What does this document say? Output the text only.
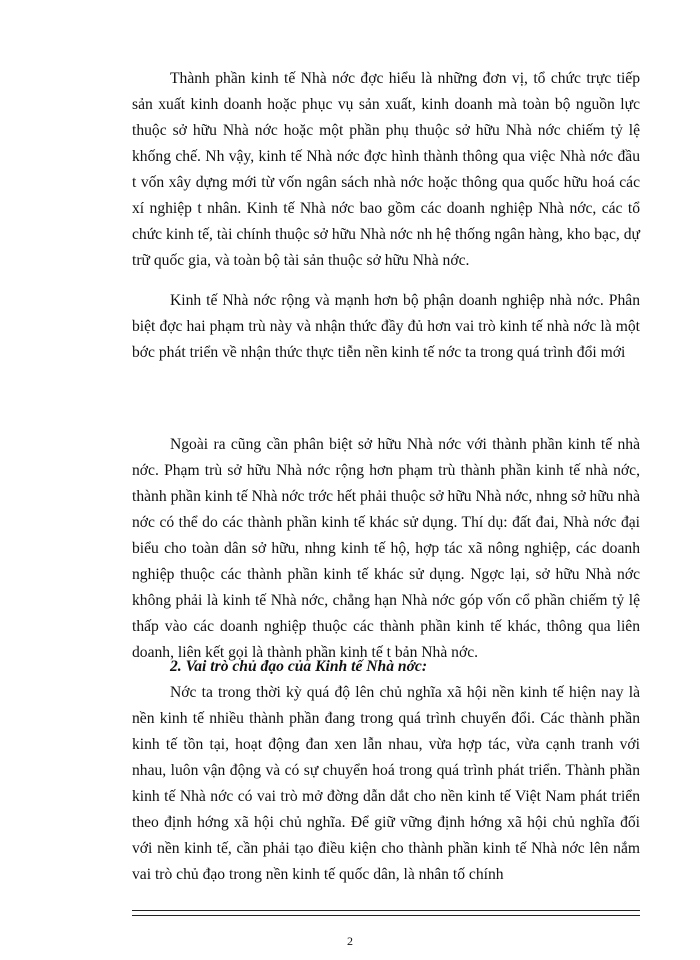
Thành phần kinh tế Nhà nớc đợc hiểu là những đơn vị, tổ chức trực tiếp sản xuất kinh doanh hoặc phục vụ sản xuất, kinh doanh mà toàn bộ nguồn lực thuộc sở hữu Nhà nớc hoặc một phần phụ thuộc sở hữu Nhà nớc chiếm tỷ lệ khống chế. Nh vậy, kinh tế Nhà nớc đợc hình thành thông qua việc Nhà nớc đầu t vốn xây dựng mới từ vốn ngân sách nhà nớc hoặc thông qua quốc hữu hoá các xí nghiệp t nhân. Kinh tế Nhà nớc bao gồm các doanh nghiệp Nhà nớc, các tổ chức kinh tế, tài chính thuộc sở hữu Nhà nớc nh hệ thống ngân hàng, kho bạc, dự trữ quốc gia, và toàn bộ tài sản thuộc sở hữu Nhà nớc.

Kinh tế Nhà nớc rộng và mạnh hơn bộ phận doanh nghiệp nhà nớc. Phân biệt đợc hai phạm trù này và nhận thức đầy đủ hơn vai trò kinh tế nhà nớc là một bớc phát triển về nhận thức thực tiễn nền kinh tế nớc ta trong quá trình đổi mới

Ngoài ra cũng cần phân biệt sở hữu Nhà nớc với thành phần kinh tế nhà nớc. Phạm trù sở hữu Nhà nớc rộng hơn phạm trù thành phần kinh tế nhà nớc, thành phần kinh tế Nhà nớc trớc hết phải thuộc sở hữu Nhà nớc, nhng sở hữu nhà nớc có thể do các thành phần kinh tế khác sử dụng. Thí dụ: đất đai, Nhà nớc đại biểu cho toàn dân sở hữu, nhng kinh tế hộ, hợp tác xã nông nghiệp, các doanh nghiệp thuộc các thành phần kinh tế khác sử dụng. Ngợc lại, sở hữu Nhà nớc không phải là kinh tế Nhà nớc, chẳng hạn Nhà nớc góp vốn cổ phần chiếm tỷ lệ thấp vào các doanh nghiệp thuộc các thành phần kinh tế khác, thông qua liên doanh, liên kết gọi là thành phần kinh tế t bản Nhà nớc.

2. Vai trò chủ đạo của Kinh tế Nhà nớc:

Nớc ta trong thời kỳ quá độ lên chủ nghĩa xã hội nền kinh tế hiện nay là nền kinh tế nhiều thành phần đang trong quá trình chuyển đổi. Các thành phần kinh tế tồn tại, hoạt động đan xen lẫn nhau, vừa hợp tác, vừa cạnh tranh với nhau, luôn vận động và có sự chuyển hoá trong quá trình phát triển. Thành phần kinh tế Nhà nớc có vai trò mở đờng dẫn dắt cho nền kinh tế Việt Nam phát triển theo định hớng xã hội chủ nghĩa. Để giữ vững định hớng xã hội chủ nghĩa đối với nền kinh tế, cần phải tạo điều kiện cho thành phần kinh tế Nhà nớc lên nắm vai trò chủ đạo trong nền kinh tế quốc dân, là nhân tố chính

2
